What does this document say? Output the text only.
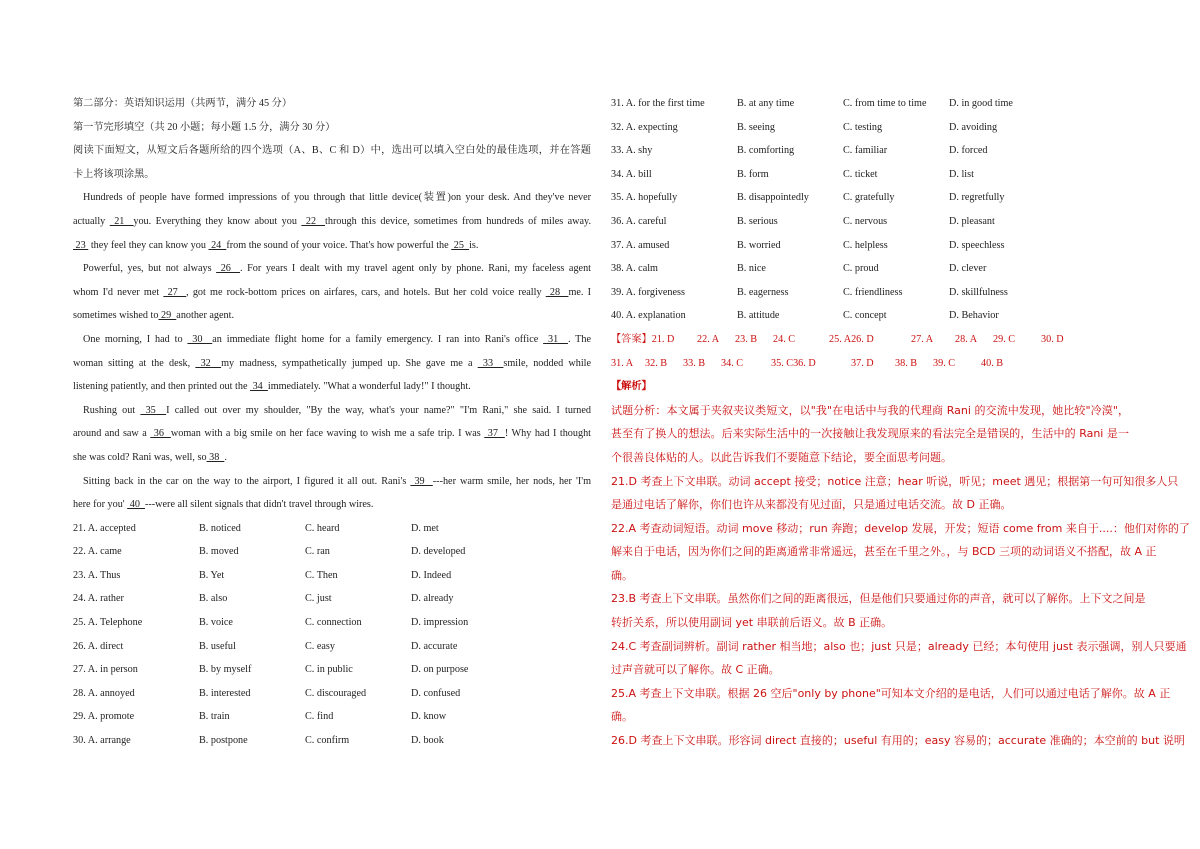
第二部分：英语知识运用（共两节，满分 45 分）
第一节完形填空（共 20 小题；每小题 1.5 分，满分 30 分）
阅读下面短文，从短文后各题所给的四个选项（A、B、C 和 D）中，选出可以填入空白处的最佳选项，并在答题
卡上将该项涂黑。
Hundreds of people have formed impressions of you through that little device(装置)on your desk. And they've never
actually  21  you. Everything they know about you  22  through this device, sometimes from hundreds of miles away.
23  they feel they can know you  24  from the sound of your voice. That's how powerful the  25  is.
Powerful, yes, but not always  26  . For years I dealt with my travel agent only by phone. Rani, my faceless agent
whom I'd never met  27  , got me rock-bottom prices on airfares, cars, and hotels. But her cold voice really  28  me. I
sometimes wished to 29  another agent.
One morning, I had to  30  an immediate flight home for a family emergency. I ran into Rani's office  31  . The
woman sitting at the desk,  32  my madness, sympathetically jumped up. She gave me a  33  smile, nodded while
listening patiently, and then printed out the  34  immediately. "What a wonderful lady!" I thought.
Rushing out  35  I called out over my shoulder, "By the way, what's your name?" "I'm Rani," she said. I turned
around and saw a  36  woman with a big smile on her face waving to wish me a safe trip. I was  37  ! Why had I thought
she was cold? Rani was, well, so 38  .
Sitting back in the car on the way to the airport, I figured it all out. Rani's  39  ---her warm smile, her nods, her 'I'm
here for you'  40  ---were all silent signals that didn't travel through wires.
21. A. accepted	B. noticed	C. heard	D. met
22. A. came	B. moved	C. ran	D. developed
23. A. Thus	B. Yet	C. Then	D. Indeed
24. A. rather	B. also	C. just	D. already
25. A. Telephone	B. voice	C. connection	D. impression
26. A. direct	B. useful	C. easy	D. accurate
27. A. in person	B. by myself	C. in public	D. on purpose
28. A. annoyed	B. interested	C. discouraged	D. confused
29. A. promote	B. train	C. find	D. know
30. A. arrange	B. postpone	C. confirm	D. book
31. A. for the first time	B. at any time	C. from time to time	D. in good time
32. A. expecting	B. seeing	C. testing	D. avoiding
33. A. shy	B. comforting	C. familiar	D. forced
34. A. bill	B. form	C. ticket	D. list
35. A. hopefully	B. disappointedly	C. gratefully	D. regretfully
36. A. careful	B. serious	C. nervous	D. pleasant
37. A. amused	B. worried	C. helpless	D. speechless
38. A. calm	B. nice	C. proud	D. clever
39. A. forgiveness	B. eagerness	C. friendliness	D. skillfulness
40. A. explanation	B. attitude	C. concept	D. Behavior
【答案】21. D	22. A	23. B	24. C	25. A26. D	27. A	28. A	29. C	30. D
31. A	32. B	33. B	34. C	35. C36. D	37. D	38. B	39. C	40. B
【解析】
试题分析：本文属于夹叙夹议类短文，以"我"在电话中与我的代理商 Rani 的交流中发现，她比较"冷漠"，
甚至有了换人的想法。后来实际生活中的一次接触让我发现原来的看法完全是错误的，生活中的 Rani 是一
个很善良体贴的人。以此告诉我们不要随意下结论，要全面思考问题。
21.D 考查上下文串联。动词 accept 接受；notice 注意；hear 听说，听见；meet 遇见；根据第一句可知很多人只
是通过电话了解你，你们也许从来都没有见过面，只是通过电话交流。故 D 正确。
22.A 考查动词短语。动词 move 移动；run 奔跑；develop 发展，开发；短语 come from 来自于....：他们对你的了
解来自于电话，因为你们之间的距离通常非常遥远，甚至在千里之外。，与 BCD 三项的动词语义不搭配，故 A 正
确。
23.B 考查上下文串联。虽然你们之间的距离很远，但是他们只要通过你的声音，就可以了解你。上下文之间是
转折关系，所以使用副词 yet 串联前后语义。故 B 正确。
24.C 考查副词辨析。副词 rather 相当地；also 也；just 只是；already 已经；本句使用 just 表示强调，别人只要通
过声音就可以了解你。故 C 正确。
25.A 考查上下文串联。根据 26 空后"only by phone"可知本文介绍的是电话，人们可以通过电话了解你。故 A 正
确。
26.D 考查上下文串联。形容词 direct 直接的；useful 有用的；easy 容易的；accurate 准确的；本空前的 but 说明
